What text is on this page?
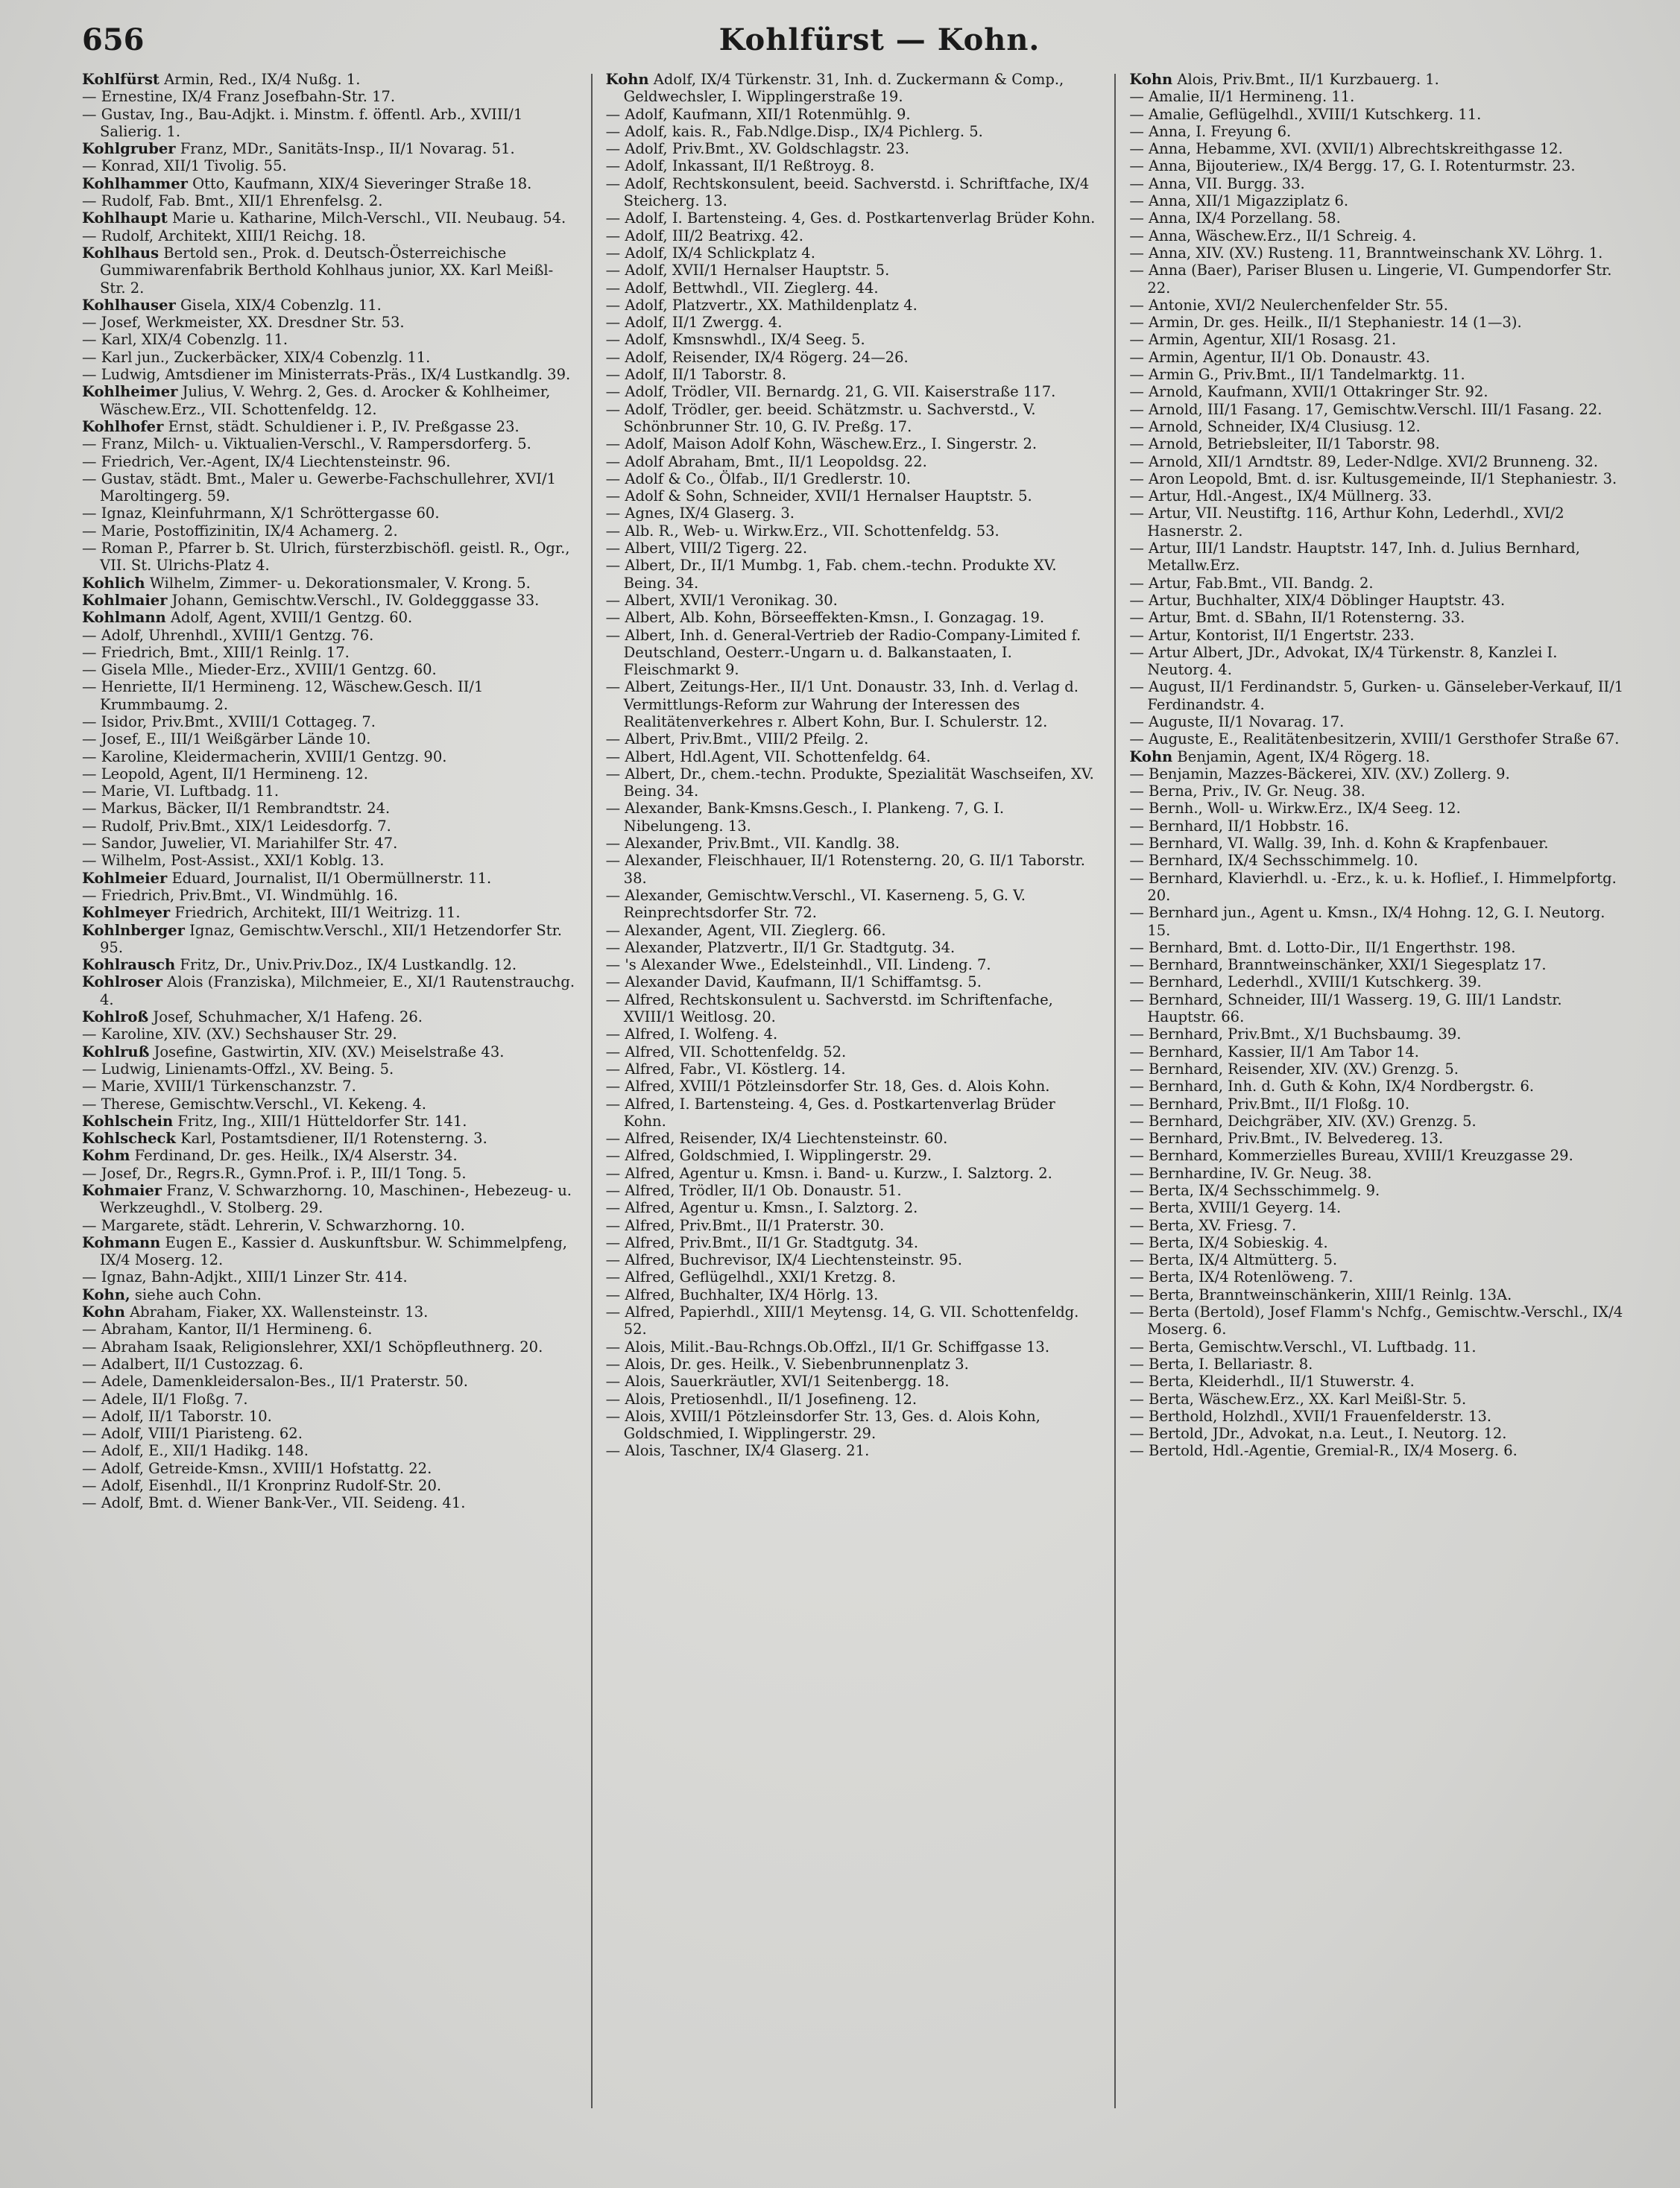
656	Kohlfürst — Kohn.
Kohlfürst Armin, Red., IX/4 Nußg. 1.
— Ernestine, IX/4 Franz Josefbahn-Str. 17.
— Gustav, Ing., Bau-Adjkt. i. Minstm. f. öffentl. Arb., XVIII/1 Salierig. 1.
Kohlgruber Franz, MDr., Sanitäts-Insp., II/1 Novarag. 51.
— Konrad, XII/1 Tivolig. 55.
Kohlhammer Otto, Kaufmann, XIX/4 Sieveringer Straße 18.
— Rudolf, Fab. Bmt., XII/1 Ehrenfelsg. 2.
Kohlhaupt Marie u. Katharine, Milch-Verschl., VII. Neubaug. 54.
— Rudolf, Architekt, XIII/1 Reichg. 18.
Kohlhaus Bertold sen., Prok. d. Deutsch-Österreichische Gummiwarenfabrik Berthold Kohlhaus junior, XX. Karl Meißl-Str. 2.
Kohlhauser Gisela, XIX/4 Cobenzlg. 11.
— Josef, Werkmeister, XX. Dresdner Str. 53.
— Karl, XIX/4 Cobenzlg. 11.
— Karl jun., Zuckerbäcker, XIX/4 Cobenzlg. 11.
— Ludwig, Amtsdiener im Ministerrats-Präs., IX/4 Lustkandlg. 39.
Kohlheimer Julius, V. Wehrg. 2, Ges. d. Arocker & Kohlheimer, Wäschew.Erz., VII. Schottenfeldg. 12.
Kohlhofer Ernst, städt. Schuldiener i. P., IV. Preßgasse 23.
— Franz, Milch- u. Viktualien-Verschl., V. Rampersdorferg. 5.
— Friedrich, Ver.-Agent, IX/4 Liechtensteinstr. 96.
— Gustav, städt. Bmt., Maler u. Gewerbe-Fachschullehrer, XVI/1 Maroltingerg. 59.
— Ignaz, Kleinfuhrmann, X/1 Schröttergasse 60.
— Marie, Postoffizinitin, IX/4 Achamerg. 2.
— Roman P., Pfarrer b. St. Ulrich, fürsterzbischöfl. geistl. R., Ogr., VII. St. Ulrichs-Platz 4.
Kohlich Wilhelm, Zimmer- u. Dekorationsmaler, V. Krong. 5.
Kohlmaier Johann, Gemischtw.Verschl., IV. Goldegggasse 33.
Kohlmann Adolf, Agent, XVIII/1 Gentzg. 60.
— Adolf, Uhrenhdl., XVIII/1 Gentzg. 76.
— Friedrich, Bmt., XIII/1 Reinlg. 17.
— Gisela Mlle., Mieder-Erz., XVIII/1 Gentzg. 60.
— Henriette, II/1 Hermineng. 12, Wäschew.Gesch. II/1 Krummbaumg. 2.
— Isidor, Priv.Bmt., XVIII/1 Cottageg. 7.
— Josef, E., III/1 Weißgärber Lände 10.
— Karoline, Kleidermacherin, XVIII/1 Gentzg. 90.
— Leopold, Agent, II/1 Hermineng. 12.
— Marie, VI. Luftbadg. 11.
— Markus, Bäcker, II/1 Rembrandtstr. 24.
— Rudolf, Priv.Bmt., XIX/1 Leidesdorfg. 7.
— Sandor, Juwelier, VI. Mariahilfer Str. 47.
— Wilhelm, Post-Assist., XXI/1 Koblg. 13.
Kohlmeier Eduard, Journalist, II/1 Obermüllnerstr. 11.
— Friedrich, Priv.Bmt., VI. Windmühlg. 16.
Kohlmeyer Friedrich, Architekt, III/1 Weitrizg. 11.
Kohlnberger Ignaz, Gemischtw.Verschl., XII/1 Hetzendorfer Str. 95.
Kohlrausch Fritz, Dr., Univ.Priv.Doz., IX/4 Lustkandlg. 12.
Kohlroser Alois (Franziska), Milchmeier, E., XI/1 Rautenstrauchg. 4.
Kohlroß Josef, Schuhmacher, X/1 Hafeng. 26.
— Karoline, XIV. (XV.) Sechshauser Str. 29.
Kohlruß Josefine, Gastwirtin, XIV. (XV.) Meiselstraße 43.
— Ludwig, Linienamts-Offzl., XV. Being. 5.
— Marie, XVIII/1 Türkenschanzstr. 7.
— Therese, Gemischtw.Verschl., VI. Kekeng. 4.
Kohlschein Fritz, Ing., XIII/1 Hütteldorfer Str. 141.
Kohlscheck Karl, Postamtsdiener, II/1 Rotensterng. 3.
Kohm Ferdinand, Dr. ges. Heilk., IX/4 Alserstr. 34.
— Josef, Dr., Regrs.R., Gymn.Prof. i. P., III/1 Tong. 5.
Kohmaier Franz, V. Schwarzhorng. 10, Maschinen-, Hebezeug- u. Werkzeughdl., V. Stolberg. 29.
— Margarete, städt. Lehrerin, V. Schwarzhorng. 10.
Kohmann Eugen E., Kassier d. Auskunftsbur. W. Schimmelpfeng, IX/4 Moserg. 12.
— Ignaz, Bahn-Adjkt., XIII/1 Linzer Str. 414.
Kohn, siehe auch Cohn.
Kohn Abraham, Fiaker, XX. Wallensteinstr. 13.
— Abraham, Kantor, II/1 Hermineng. 6.
— Abraham Isaak, Religionslehrer, XXI/1 Schöpfleuthnerg. 20.
— Adalbert, II/1 Custozzag. 6.
— Adele, Damenkleidersalon-Bes., II/1 Praterstr. 50.
— Adele, II/1 Floßg. 7.
— Adolf, II/1 Taborstr. 10.
— Adolf, VIII/1 Piaristeng. 62.
— Adolf, E., XII/1 Hadikg. 148.
— Adolf, Getreide-Kmsn., XVIII/1 Hofstattg. 22.
— Adolf, Eisenhdl., II/1 Kronprinz Rudolf-Str. 20.
— Adolf, Bmt. d. Wiener Bank-Ver., VII. Seideng. 41.
Kohn Adolf, IX/4 Türkenstr. 31, Inh. d. Zuckermann & Comp., Geldwechsler, I. Wipplingerstraße 19.
— Adolf, Kaufmann, XII/1 Rotenmühlg. 9.
— Adolf, kais. R., Fab.Ndlge.Disp., IX/4 Pichlerg. 5.
— Adolf, Priv.Bmt., XV. Goldschlagstr. 23.
— Adolf, Inkassant, II/1 Reßtroyg. 8.
— Adolf, Rechtskonsulent, beeid. Sachverstd. i. Schriftfache, IX/4 Steicherg. 13.
— Adolf, I. Bartensteing. 4, Ges. d. Postkartenverlag Brüder Kohn.
— Adolf, III/2 Beatrixg. 42.
— Adolf, IX/4 Schlickplatz 4.
— Adolf, XVII/1 Hernalser Hauptstr. 5.
— Adolf, Bettwhdl., VII. Zieglerg. 44.
— Adolf, Platzvertr., XX. Mathildenplatz 4.
— Adolf, II/1 Zwergg. 4.
— Adolf, Kmsnswhdl., IX/4 Seeg. 5.
— Adolf, Reisender, IX/4 Rögerg. 24—26.
— Adolf, II/1 Taborstr. 8.
— Adolf, Trödler, VII. Bernardg. 21, G. VII. Kaiserstraße 117.
— Adolf, Trödler, ger. beeid. Schätzmstr. u. Sachverstd., V. Schönbrunner Str. 10, G. IV. Preßg. 17.
— Adolf, Maison Adolf Kohn, Wäschew.Erz., I. Singerstr. 2.
— Adolf Abraham, Bmt., II/1 Leopoldsg. 22.
— Adolf & Co., Ölfab., II/1 Gredlerstr. 10.
— Adolf & Sohn, Schneider, XVII/1 Hernalser Hauptstr. 5.
— Agnes, IX/4 Glaserg. 3.
— Alb. R., Web- u. Wirkw.Erz., VII. Schottenfeldg. 53.
— Albert, VIII/2 Tigerg. 22.
— Albert, Dr., II/1 Mumbg. 1, Fab. chem.-techn. Produkte XV. Being. 34.
— Albert, XVII/1 Veronikag. 30.
— Albert, Alb. Kohn, Börseeffekten-Kmsn., I. Gonzagag. 19.
— Albert, Inh. d. General-Vertrieb der Radio-Company-Limited f. Deutschland, Oesterr.-Ungarn u. d. Balkanstaaten, I. Fleischmarkt 9.
— Albert, Zeitungs-Her., II/1 Unt. Donaustr. 33, Inh. d. Verlag d. Vermittlungs-Reform zur Wahrung der Interessen des Realitätenverkehres r. Albert Kohn, Bur. I. Schulerstr. 12.
— Albert, Priv.Bmt., VIII/2 Pfeilg. 2.
— Albert, Hdl.Agent, VII. Schottenfeldg. 64.
— Albert, Dr., chem.-techn. Produkte, Spezialität Waschseifen, XV. Being. 34.
— Alexander, Bank-Kmsns.Gesch., I. Plankeng. 7, G. I. Nibelungeng. 13.
— Alexander, Priv.Bmt., VII. Kandlg. 38.
— Alexander, Fleischhauer, II/1 Rotensterng. 20, G. II/1 Taborstr. 38.
— Alexander, Gemischtw.Verschl., VI. Kaserneng. 5, G. V. Reinprechtsdorfer Str. 72.
— Alexander, Agent, VII. Zieglerg. 66.
— Alexander, Platzvertr., II/1 Gr. Stadtgutg. 34.
— 's Alexander Wwe., Edelsteinhdl., VII. Lindeng. 7.
— Alexander David, Kaufmann, II/1 Schiffamtsg. 5.
— Alfred, Rechtskonsulent u. Sachverstd. im Schriftenfache, XVIII/1 Weitlosg. 20.
— Alfred, I. Wolfeng. 4.
— Alfred, VII. Schottenfeldg. 52.
— Alfred, Fabr., VI. Köstlerg. 14.
— Alfred, XVIII/1 Pötzleinsdorfer Str. 18, Ges. d. Alois Kohn.
— Alfred, I. Bartensteing. 4, Ges. d. Postkartenverlag Brüder Kohn.
— Alfred, Reisender, IX/4 Liechtensteinstr. 60.
— Alfred, Goldschmied, I. Wipplingerstr. 29.
— Alfred, Agentur u. Kmsn. i. Band- u. Kurzw., I. Salztorg. 2.
— Alfred, Trödler, II/1 Ob. Donaustr. 51.
— Alfred, Agentur u. Kmsn., I. Salztorg. 2.
— Alfred, Priv.Bmt., II/1 Praterstr. 30.
— Alfred, Priv.Bmt., II/1 Gr. Stadtgutg. 34.
— Alfred, Buchrevisor, IX/4 Liechtensteinstr. 95.
— Alfred, Geflügelhdl., XXI/1 Kretzg. 8.
— Alfred, Buchhalter, IX/4 Hörlg. 13.
— Alfred, Papierhdl., XIII/1 Meytensg. 14, G. VII. Schottenfeldg. 52.
— Alois, Milit.-Bau-Rchngs.Ob.Offzl., II/1 Gr. Schiffgasse 13.
— Alois, Dr. ges. Heilk., V. Siebenbrunnenplatz 3.
— Alois, Sauerkräutler, XVI/1 Seitenbergg. 18.
— Alois, Pretiosenhdl., II/1 Josefineng. 12.
— Alois, XVIII/1 Pötzleinsdorfer Str. 13, Ges. d. Alois Kohn, Goldschmied, I. Wipplingerstr. 29.
— Alois, Taschner, IX/4 Glaserg. 21.
Kohn Alois, Priv.Bmt., II/1 Kurzbauerg. 1.
— Amalie, II/1 Hermineng. 11.
— Amalie, Geflügelhdl., XVIII/1 Kutschkerg. 11.
— Anna, I. Freyung 6.
— Anna, Hebamme, XVI. (XVII/1) Albrechtskreithgasse 12.
— Anna, Bijouteriew., IX/4 Bergg. 17, G. I. Rotenturmstr. 23.
— Anna, VII. Burgg. 33.
— Anna, XII/1 Migazziplatz 6.
— Anna, IX/4 Porzellang. 58.
— Anna, Wäschew.Erz., II/1 Schreig. 4.
— Anna, XIV. (XV.) Rusteng. 11, Branntweinschank XV. Löhrg. 1.
— Anna (Baer), Pariser Blusen u. Lingerie, VI. Gumpendorfer Str. 22.
— Antonie, XVI/2 Neulerchenfelder Str. 55.
— Armin, Dr. ges. Heilk., II/1 Stephaniestr. 14 (1—3).
— Armin, Agentur, XII/1 Rosasg. 21.
— Armin, Agentur, II/1 Ob. Donaustr. 43.
— Armin G., Priv.Bmt., II/1 Tandelmarktg. 11.
— Arnold, Kaufmann, XVII/1 Ottakringer Str. 92.
— Arnold, III/1 Fasang. 17, Gemischtw.Verschl. III/1 Fasang. 22.
— Arnold, Schneider, IX/4 Clusiusg. 12.
— Arnold, Betriebsleiter, II/1 Taborstr. 98.
— Arnold, XII/1 Arndtstr. 89, Leder-Ndlge. XVI/2 Brunneng. 32.
— Aron Leopold, Bmt. d. isr. Kultusgemeinde, II/1 Stephaniestr. 3.
— Artur, Hdl.-Angest., IX/4 Müllnerg. 33.
— Artur, VII. Neustiftg. 116, Arthur Kohn, Lederhdl., XVI/2 Hasnerstr. 2.
— Artur, III/1 Landstr. Hauptstr. 147, Inh. d. Julius Bernhard, Metallw.Erz.
— Artur, Fab.Bmt., VII. Bandg. 2.
— Artur, Buchhalter, XIX/4 Döblinger Hauptstr. 43.
— Artur, Bmt. d. SBahn, II/1 Rotensterng. 33.
— Artur, Kontorist, II/1 Engertstr. 233.
— Artur Albert, JDr., Advokat, IX/4 Türkenstr. 8, Kanzlei I. Neutorg. 4.
— August, II/1 Ferdinandstr. 5, Gurken- u. Gänseleber-Verkauf, II/1 Ferdinandstr. 4.
— Auguste, II/1 Novarag. 17.
— Auguste, E., Realitätenbesitzerin, XVIII/1 Gersthofer Straße 67.
Kohn Benjamin, Agent, IX/4 Rögerg. 18.
— Benjamin, Mazzes-Bäckerei, XIV. (XV.) Zollerg. 9.
— Berna, Priv., IV. Gr. Neug. 38.
— Bernh., Woll- u. Wirkw.Erz., IX/4 Seeg. 12.
— Bernhard, II/1 Hobbstr. 16.
— Bernhard, VI. Wallg. 39, Inh. d. Kohn & Krapfenbauer.
— Bernhard, IX/4 Sechsschimmelg. 10.
— Bernhard, Klavierhdl. u. -Erz., k. u. k. Hoflief., I. Himmelpfortg. 20.
— Bernhard jun., Agent u. Kmsn., IX/4 Hohng. 12, G. I. Neutorg. 15.
— Bernhard, Bmt. d. Lotto-Dir., II/1 Engerthstr. 198.
— Bernhard, Branntweinschänker, XXI/1 Siegesplatz 17.
— Bernhard, Lederhdl., XVIII/1 Kutschkerg. 39.
— Bernhard, Schneider, III/1 Wasserg. 19, G. III/1 Landstr. Hauptstr. 66.
— Bernhard, Priv.Bmt., X/1 Buchsbaumg. 39.
— Bernhard, Kassier, II/1 Am Tabor 14.
— Bernhard, Reisender, XIV. (XV.) Grenzg. 5.
— Bernhard, Inh. d. Guth & Kohn, IX/4 Nordbergstr. 6.
— Bernhard, Priv.Bmt., II/1 Floßg. 10.
— Bernhard, Deichgräber, XIV. (XV.) Grenzg. 5.
— Bernhard, Priv.Bmt., IV. Belvedereg. 13.
— Bernhard, Kommerzielles Bureau, XVIII/1 Kreuzgasse 29.
— Bernhardine, IV. Gr. Neug. 38.
— Berta, IX/4 Sechsschimmelg. 9.
— Berta, XVIII/1 Geyerg. 14.
— Berta, XV. Friesg. 7.
— Berta, IX/4 Sobieskig. 4.
— Berta, IX/4 Altmütterg. 5.
— Berta, IX/4 Rotenlöweng. 7.
— Berta, Branntweinschänkerin, XIII/1 Reinlg. 13A.
— Berta (Bertold), Josef Flamm's Nchfg., Gemischtw.-Verschl., IX/4 Moserg. 6.
— Berta, Gemischtw.Verschl., VI. Luftbadg. 11.
— Berta, I. Bellariastr. 8.
— Berta, Kleiderhdl., II/1 Stuwerstr. 4.
— Berta, Wäschew.Erz., XX. Karl Meißl-Str. 5.
— Berthold, Holzhdl., XVII/1 Frauenfelderstr. 13.
— Bertold, JDr., Advokat, n.a. Leut., I. Neutorg. 12.
— Bertold, Hdl.-Agentie, Gremial-R., IX/4 Moserg. 6.
